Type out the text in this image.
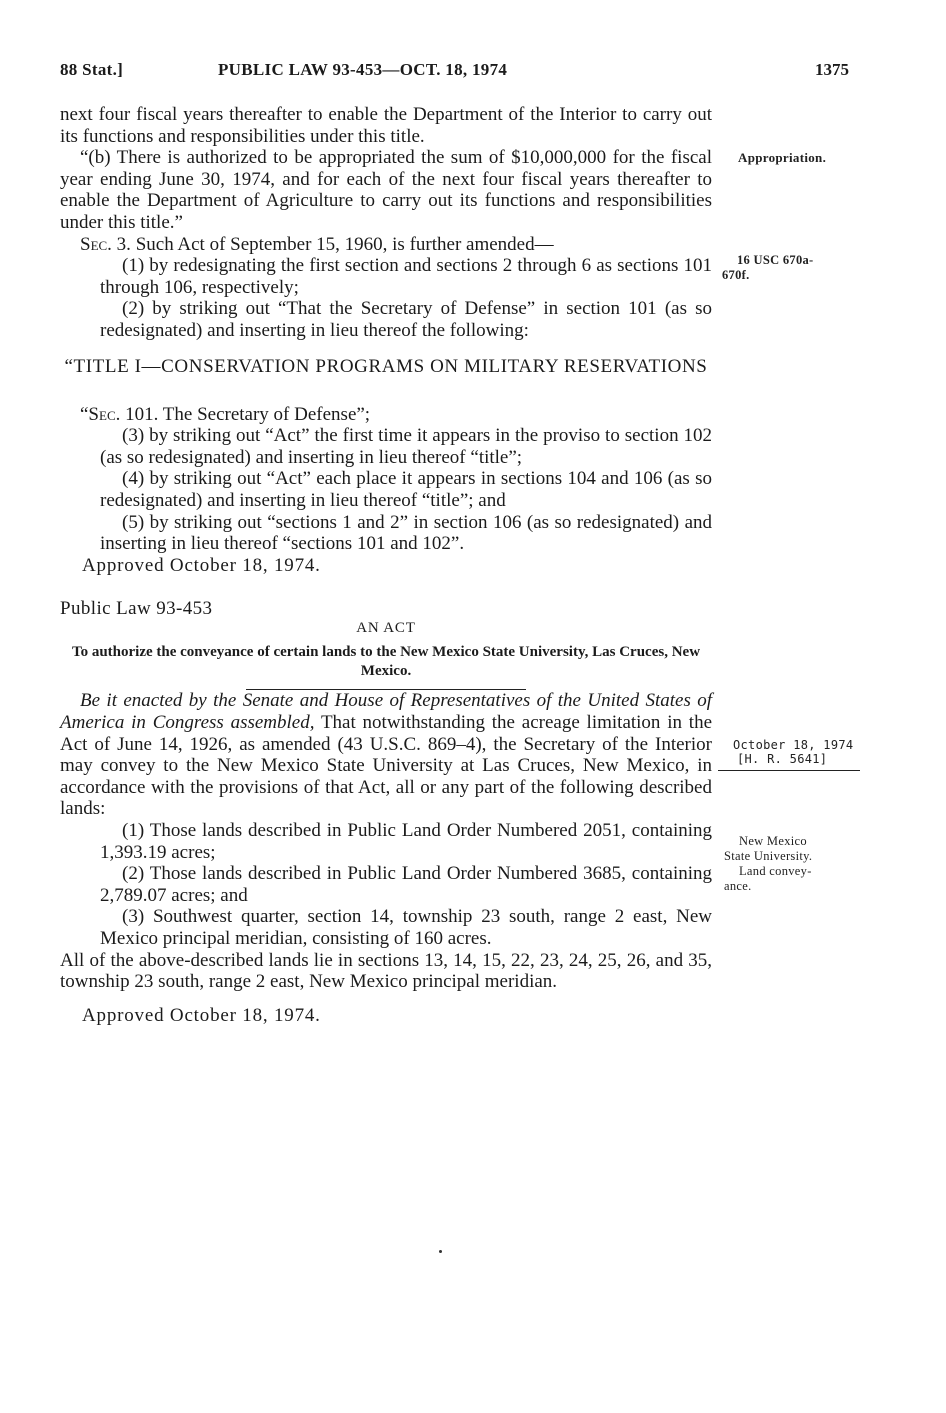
88 Stat.]	PUBLIC LAW 93-453—OCT. 18, 1974	1375

next four fiscal years thereafter to enable the Department of the Interior to carry out its functions and responsibilities under this title.

“(b) There is authorized to be appropriated the sum of $10,000,000 for the fiscal year ending June 30, 1974, and for each of the next four fiscal years thereafter to enable the Department of Agriculture to carry out its functions and responsibilities under this title.”

Sec. 3. Such Act of September 15, 1960, is further amended—

(1) by redesignating the first section and sections 2 through 6 as sections 101 through 106, respectively;

(2) by striking out “That the Secretary of Defense” in section 101 (as so redesignated) and inserting in lieu thereof the following:

“TITLE I—CONSERVATION PROGRAMS ON MILITARY RESERVATIONS

“Sec. 101. The Secretary of Defense”;

(3) by striking out “Act” the first time it appears in the proviso to section 102 (as so redesignated) and inserting in lieu thereof “title”;

(4) by striking out “Act” each place it appears in sections 104 and 106 (as so redesignated) and inserting in lieu thereof “title”; and

(5) by striking out “sections 1 and 2” in section 106 (as so redesignated) and inserting in lieu thereof “sections 101 and 102”.

Approved October 18, 1974.

Public Law 93-453
AN ACT
To authorize the conveyance of certain lands to the New Mexico State University, Las Cruces, New Mexico.

Be it enacted by the Senate and House of Representatives of the United States of America in Congress assembled, That notwithstanding the acreage limitation in the Act of June 14, 1926, as amended (43 U.S.C. 869–4), the Secretary of the Interior may convey to the New Mexico State University at Las Cruces, New Mexico, in accordance with the provisions of that Act, all or any part of the following described lands:

(1) Those lands described in Public Land Order Numbered 2051, containing 1,393.19 acres;

(2) Those lands described in Public Land Order Numbered 3685, containing 2,789.07 acres; and

(3) Southwest quarter, section 14, township 23 south, range 2 east, New Mexico principal meridian, consisting of 160 acres.

All of the above-described lands lie in sections 13, 14, 15, 22, 23, 24, 25, 26, and 35, township 23 south, range 2 east, New Mexico principal meridian.

Approved October 18, 1974.

Appropriation.
16 USC 670a-
670f.
October 18, 1974
[H. R. 5641]
New Mexico
State University.
Land convey-
ance.
